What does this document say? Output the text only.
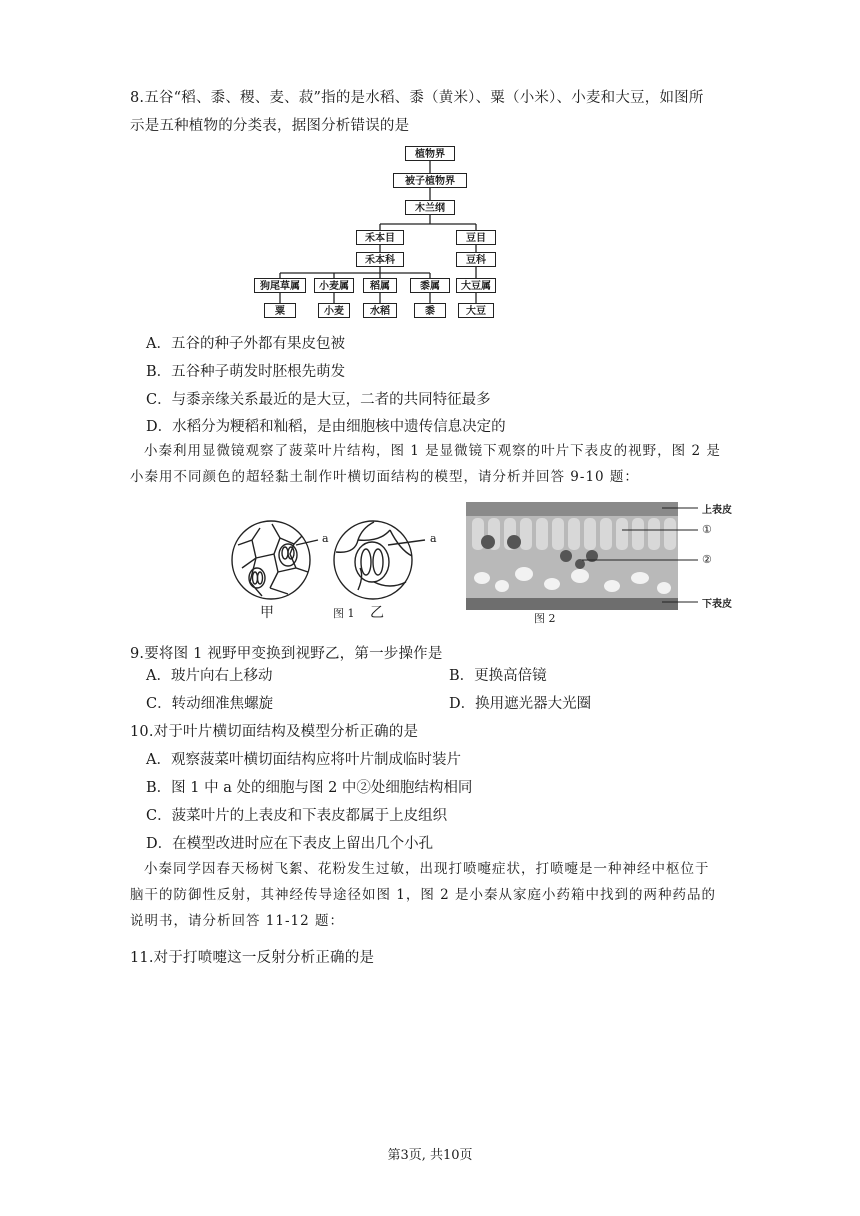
8.五谷“稻、黍、稷、麦、菽”指的是水稻、黍（黄米）、粟（小米）、小麦和大豆，如图所
示是五种植物的分类表，据图分析错误的是
植物界
被子植物界
木兰纲
禾本目	豆目
禾本科	豆科
狗尾草属	小麦属	稻属	黍属	大豆属
粟	小麦	水稻	黍	大豆
A．五谷的种子外都有果皮包被
B．五谷种子萌发时胚根先萌发
C．与黍亲缘关系最近的是大豆，二者的共同特征最多
D．水稻分为粳稻和籼稻，是由细胞核中遗传信息决定的

小秦利用显微镜观察了菠菜叶片结构，图 1 是显微镜下观察的叶片下表皮的视野，图 2 是

小秦用不同颜色的超轻黏土制作叶横切面结构的模型，请分析并回答 9-10 题：

a	a
甲	图 1 乙
上表皮
①
②
下表皮
图 2
9.要将图 1 视野甲变换到视野乙，第一步操作是
A．玻片向右上移动	B．更换高倍镜
C．转动细准焦螺旋	D．换用遮光器大光圈
10.对于叶片横切面结构及模型分析正确的是
A．观察菠菜叶横切面结构应将叶片制成临时装片
B．图 1 中 a 处的细胞与图 2 中②处细胞结构相同
C．菠菜叶片的上表皮和下表皮都属于上皮组织
D．在模型改进时应在下表皮上留出几个小孔

小秦同学因春天杨树飞絮、花粉发生过敏，出现打喷嚏症状，打喷嚏是一种神经中枢位于

脑干的防御性反射，其神经传导途径如图 1，图 2 是小秦从家庭小药箱中找到的两种药品的

说明书，请分析回答 11-12 题：

11.对于打喷嚏这一反射分析正确的是
第3页, 共10页
